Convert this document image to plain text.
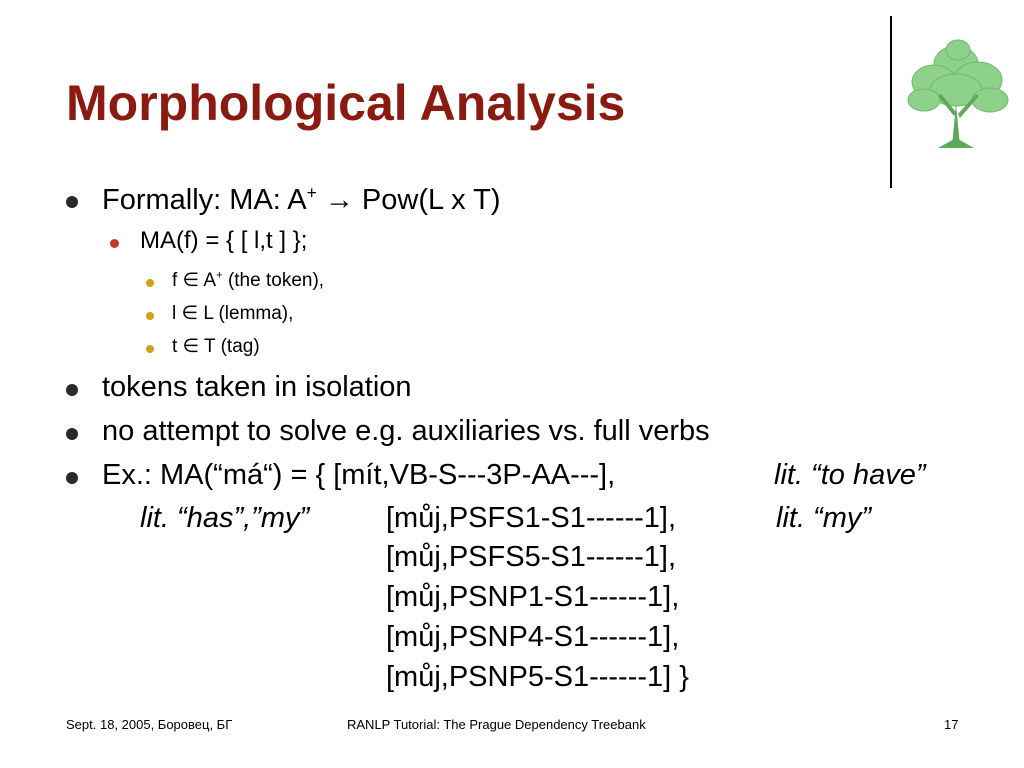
Morphological Analysis
Formally: MA: A+ → Pow(L x T)
MA(f) = { [ l,t ] };
f ∈ A+ (the token),
l ∈ L (lemma),
t ∈ T (tag)
tokens taken in isolation
no attempt to solve e.g. auxiliaries vs. full verbs
Ex.: MA(“má“) = { [mít,VB-S---3P-AA---],	lit. “to have”
lit. “has”,”my”	[můj,PSFS1-S1------1],	lit. “my”
[můj,PSFS5-S1------1],
[můj,PSNP1-S1------1],
[můj,PSNP4-S1------1],
[můj,PSNP5-S1------1] }
Sept. 18, 2005, Боровец, БГ	RANLP Tutorial: The Prague Dependency Treebank	17
